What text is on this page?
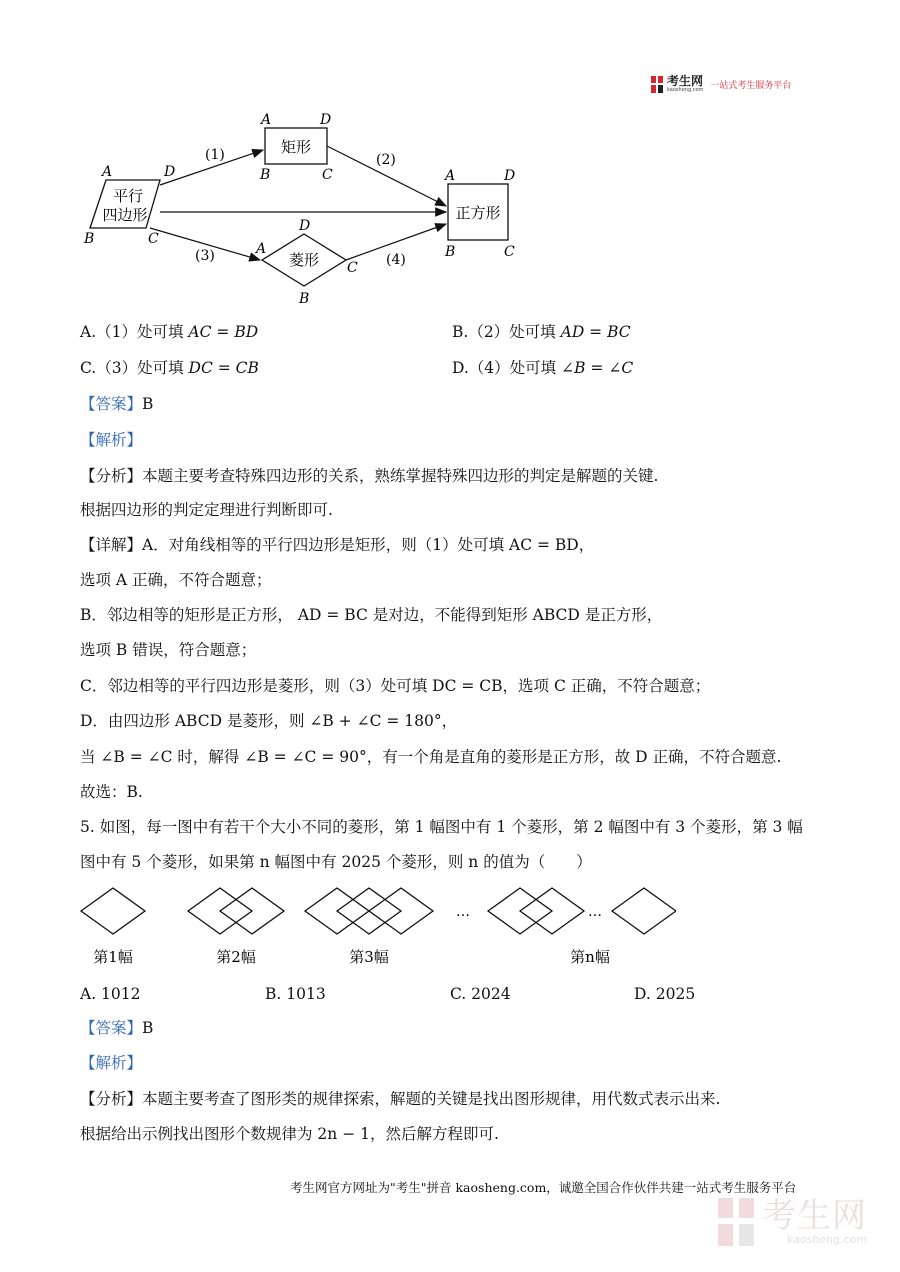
考生网
kaosheng.com 一站式考生服务平台
平行
四边形
A	D
B	C
矩形
A	D
B	C
正方形
A	D
B	C
菱形
D
A
C
B
(1)	(2)
(3)	(4)
A.（1）处可填 AC = BD	B.（2）处可填 AD = BC
C.（3）处可填 DC = CB	D.（4）处可填 ∠B = ∠C
【答案】B
【解析】
【分析】本题主要考查特殊四边形的关系，熟练掌握特殊四边形的判定是解题的关键.
根据四边形的判定定理进行判断即可.
【详解】A．对角线相等的平行四边形是矩形，则（1）处可填 AC = BD，
选项 A 正确，不符合题意；
B．邻边相等的矩形是正方形， AD = BC 是对边，不能得到矩形 ABCD 是正方形，
选项 B 错误，符合题意；
C．邻边相等的平行四边形是菱形，则（3）处可填 DC = CB，选项 C 正确，不符合题意；
D．由四边形 ABCD 是菱形，则 ∠B + ∠C = 180°，
当 ∠B = ∠C 时，解得 ∠B = ∠C = 90°，有一个角是直角的菱形是正方形，故 D 正确，不符合题意.
故选：B.
5. 如图，每一图中有若干个大小不同的菱形，第 1 幅图中有 1 个菱形，第 2 幅图中有 3 个菱形，第 3 幅
图中有 5 个菱形，如果第 n 幅图中有 2025 个菱形，则 n 的值为（　　）
…	…
第1幅	第2幅	第3幅	第n幅
A. 1012	B. 1013	C. 2024	D. 2025
【答案】B
【解析】
【分析】本题主要考查了图形类的规律探索，解题的关键是找出图形规律，用代数式表示出来.
根据给出示例找出图形个数规律为 2n − 1，然后解方程即可.
考生网官方网址为"考生"拼音 kaosheng.com，诚邀全国合作伙伴共建一站式考生服务平台
考生网
kaosheng.com
